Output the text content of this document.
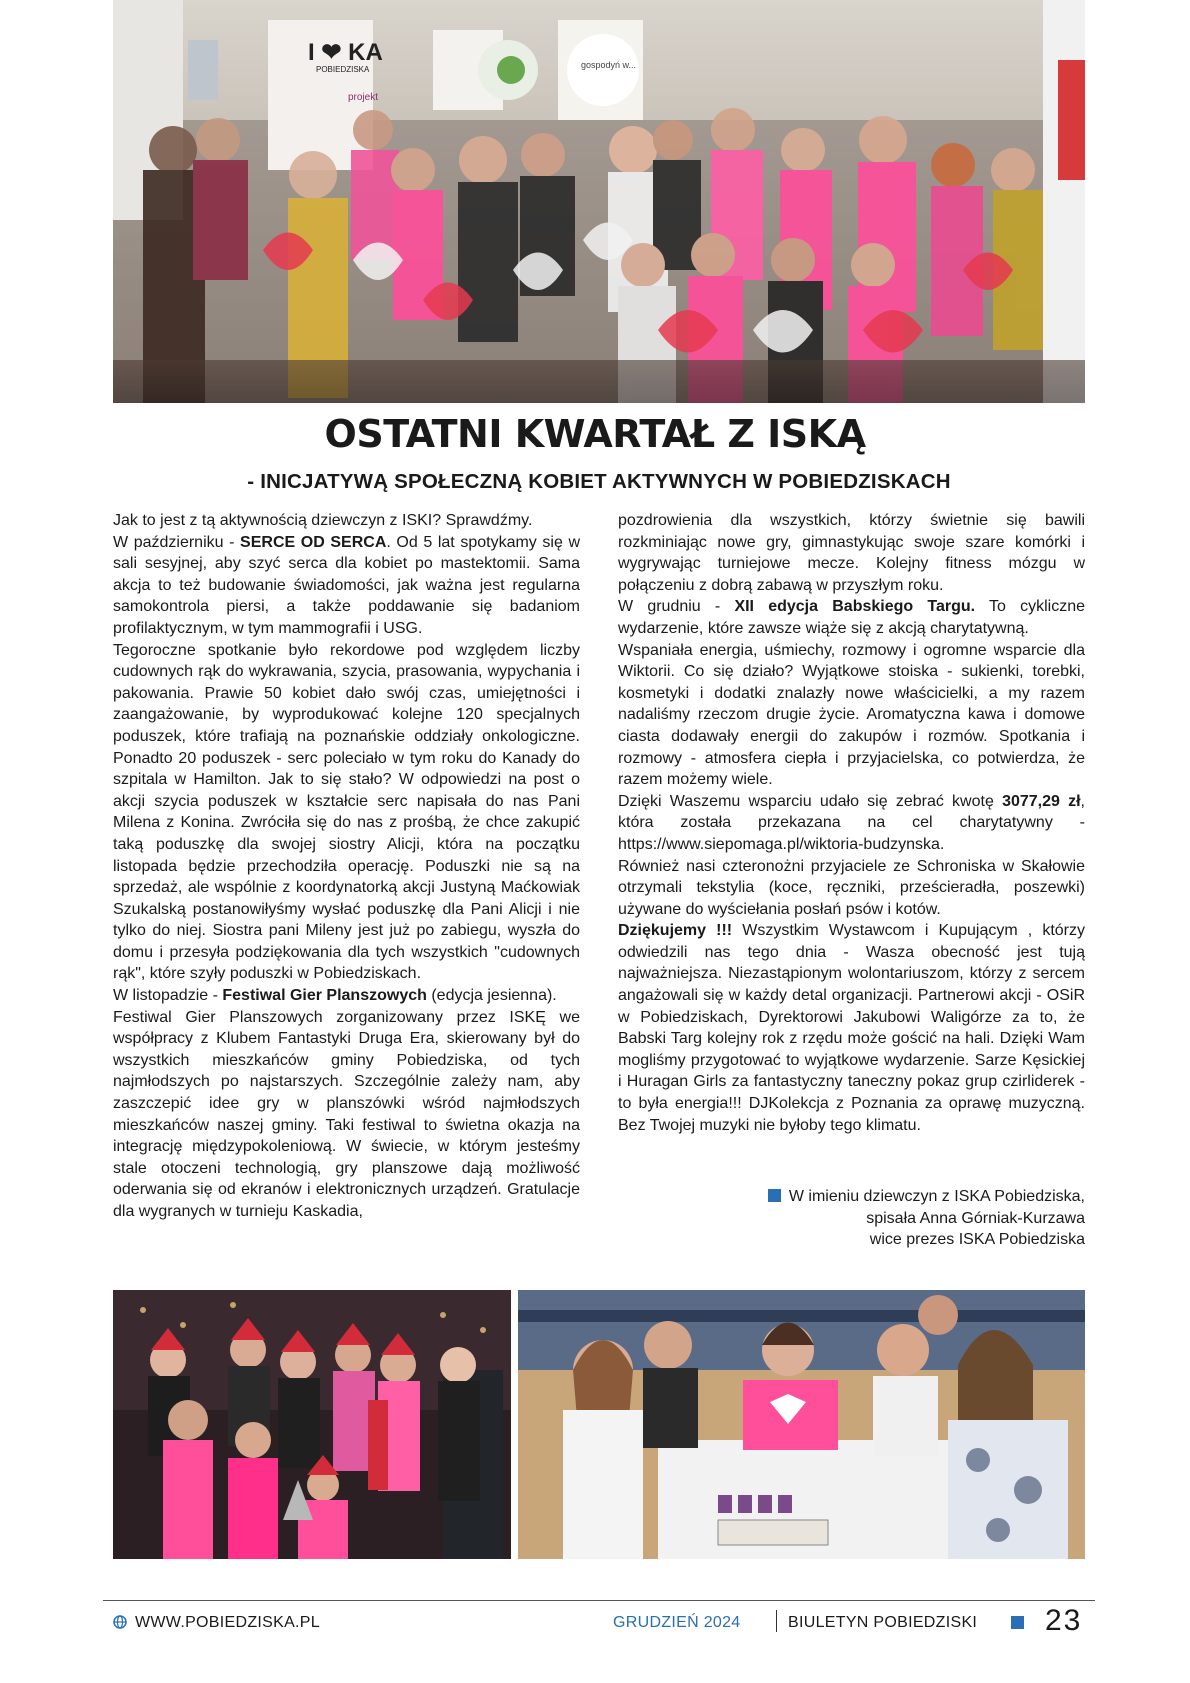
I ❤ KA
POBIEDZISKA
projekt
gospodyń w...
OSTATNI KWARTAŁ Z ISKĄ
- INICJATYWĄ SPOŁECZNĄ KOBIET AKTYWNYCH W POBIEDZISKACH

Jak to jest z tą aktywnością dziewczyn z ISKI? Sprawdźmy.

W październiku - SERCE OD SERCA. Od 5 lat spotykamy się w sali sesyjnej, aby szyć serca dla kobiet po mastektomii. Sama akcja to też budowanie świadomości, jak ważna jest regularna samokontrola piersi, a także poddawanie się badaniom profilaktycznym, w tym mammografii i USG.

Tegoroczne spotkanie było rekordowe pod względem liczby cudownych rąk do wykrawania, szycia, prasowania, wypychania i pakowania. Prawie 50 kobiet dało swój czas, umiejętności i zaangażowanie, by wyprodukować kolejne 120 specjalnych poduszek, które trafiają na poznańskie oddziały onkologiczne. Ponadto 20 poduszek - serc poleciało w tym roku do Kanady do szpitala w Hamilton. Jak to się stało? W odpowiedzi na post o akcji szycia poduszek w kształcie serc napisała do nas Pani Milena z Konina. Zwróciła się do nas z prośbą, że chce zakupić taką poduszkę dla swojej siostry Alicji, która na początku listopada będzie przechodziła operację. Poduszki nie są na sprzedaż, ale wspólnie z koordynatorką akcji Justyną Maćkowiak Szukalską postanowiłyśmy wysłać poduszkę dla Pani Alicji i nie tylko do niej. Siostra pani Mileny jest już po zabiegu, wyszła do domu i przesyła podziękowania dla tych wszystkich "cudownych rąk", które szyły poduszki w Pobiedziskach.

W listopadzie - Festiwal Gier Planszowych (edycja jesienna).

Festiwal Gier Planszowych zorganizowany przez ISKĘ we współpracy z Klubem Fantastyki Druga Era, skierowany był do wszystkich mieszkańców gminy Pobiedziska, od tych najmłodszych po najstarszych. Szczególnie zależy nam, aby zaszczepić idee gry w planszówki wśród najmłodszych mieszkańców naszej gminy. Taki festiwal to świetna okazja na integrację międzypokoleniową. W świecie, w którym jesteśmy stale otoczeni technologią, gry planszowe dają możliwość oderwania się od ekranów i elektronicznych urządzeń. Gratulacje dla wygranych w turnieju Kaskadia,

pozdrowienia dla wszystkich, którzy świetnie się bawili rozkminiając nowe gry, gimnastykując swoje szare komórki i wygrywając turniejowe mecze. Kolejny fitness mózgu w połączeniu z dobrą zabawą w przyszłym roku.

W grudniu - XII edycja Babskiego Targu. To cykliczne wydarzenie, które zawsze wiąże się z akcją charytatywną.

Wspaniała energia, uśmiechy, rozmowy i ogromne wsparcie dla Wiktorii. Co się działo? Wyjątkowe stoiska - sukienki, torebki, kosmetyki i dodatki znalazły nowe właścicielki, a my razem nadaliśmy rzeczom drugie życie. Aromatyczna kawa i domowe ciasta dodawały energii do zakupów i rozmów. Spotkania i rozmowy - atmosfera ciepła i przyjacielska, co potwierdza, że razem możemy wiele.

Dzięki Waszemu wsparciu udało się zebrać kwotę 3077,29 zł, która została przekazana na cel charytatywny - https://www.siepomaga.pl/wiktoria-budzynska.

Również nasi czteronożni przyjaciele ze Schroniska w Skałowie otrzymali tekstylia (koce, ręczniki, prześcieradła, poszewki) używane do wyściełania posłań psów i kotów.

Dziękujemy !!! Wszystkim Wystawcom i Kupującym , którzy odwiedzili nas tego dnia - Wasza obecność jest tują najważniejsza. Niezastąpionym wolontariuszom, którzy z sercem angażowali się w każdy detal organizacji. Partnerowi akcji - OSiR w Pobiedziskach, Dyrektorowi Jakubowi Waligórze za to, że Babski Targ kolejny rok z rzędu może gościć na hali. Dzięki Wam mogliśmy przygotować to wyjątkowe wydarzenie. Sarze Kęsickiej i Huragan Girls za fantastyczny taneczny pokaz grup czirliderek - to była energia!!! DJKolekcja z Poznania za oprawę muzyczną. Bez Twojej muzyki nie byłoby tego klimatu.

W imieniu dziewczyn z ISKA Pobiedziska,
spisała Anna Górniak-Kurzawa
wice prezes ISKA Pobiedziska
WWW.POBIEDZISKA.PL	GRUDZIEŃ 2024	BIULETYN POBIEDZISKI 23
